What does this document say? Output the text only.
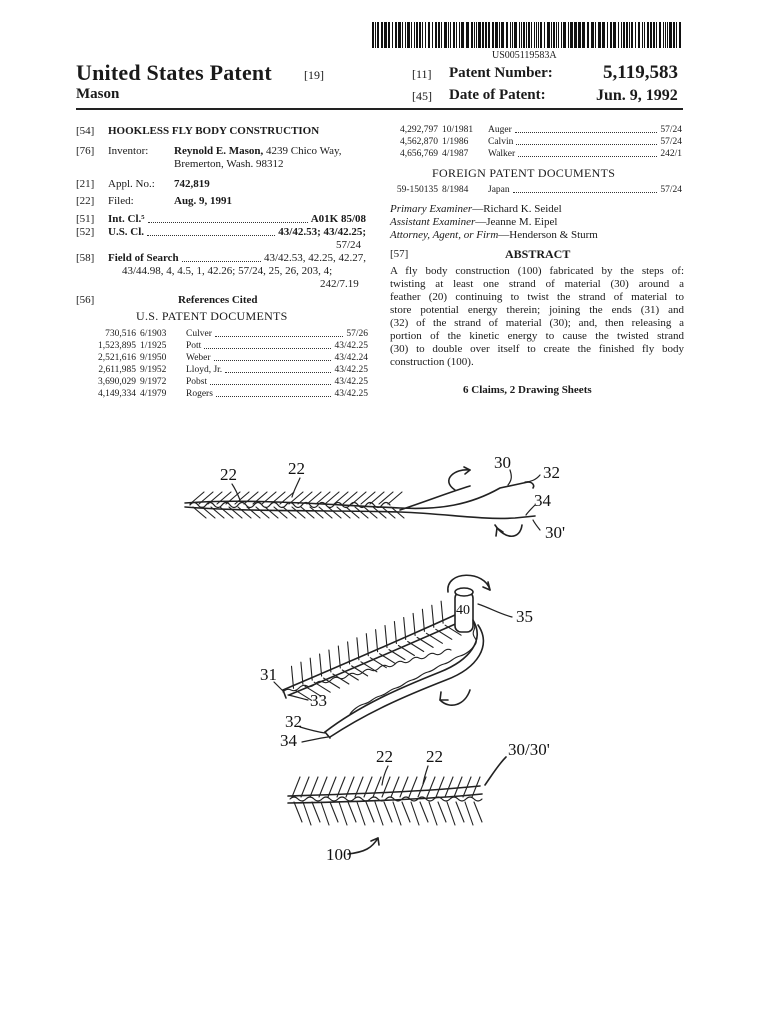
US005119583A
United States Patent	[19]
Mason
[11] Patent Number:	5,119,583
[45] Date of Patent:	Jun. 9, 1992
[54] HOOKLESS FLY BODY CONSTRUCTION
[76] Inventor: Reynold E. Mason, 4239 Chico Way,
Bremerton, Wash. 98312
[21] Appl. No.: 742,819
[22] Filed:	Aug. 9, 1991
[51] Int. Cl.⁵	A01K 85/08
[52] U.S. Cl.	43/42.53; 43/42.25;
57/24
[58] Field of Search	43/42.53, 42.25, 42.27,
43/44.98, 4, 4.5, 1, 42.26; 57/24, 25, 26, 203, 4;
242/7.19
[56]	References Cited
U.S. PATENT DOCUMENTS
730,516 6/1903	Culver	57/26
1,523,895 1/1925	Pott	43/42.25
2,521,616 9/1950	Weber	43/42.24
2,611,985 9/1952	Lloyd, Jr.	43/42.25
3,690,029 9/1972	Pobst	43/42.25
4,149,334 4/1979	Rogers	43/42.25
4,292,797 10/1981	Auger	57/24
4,562,870 1/1986	Calvin	57/24
4,656,769 4/1987	Walker	242/1
FOREIGN PATENT DOCUMENTS
59-150135 8/1984	Japan	57/24
Primary Examiner—Richard K. Seidel
Assistant Examiner—Jeanne M. Eipel
Attorney, Agent, or Firm—Henderson & Sturm
[57]	ABSTRACT
A fly body construction (100) fabricated by the steps of:
twisting at least one strand of material (30) around a
feather (20) continuing to twist the strand of material to
store potential energy therein; joining the ends (31) and
(32) of the strand of material (30); and, then releasing a
portion of the kinetic energy to cause the twisted strand
(30) to double over itself to create the finished fly body
construction (100).
6 Claims, 2 Drawing Sheets
22	22	30
32
34
30'
40	35
31
33
32
34
22 22	30/30'
100
